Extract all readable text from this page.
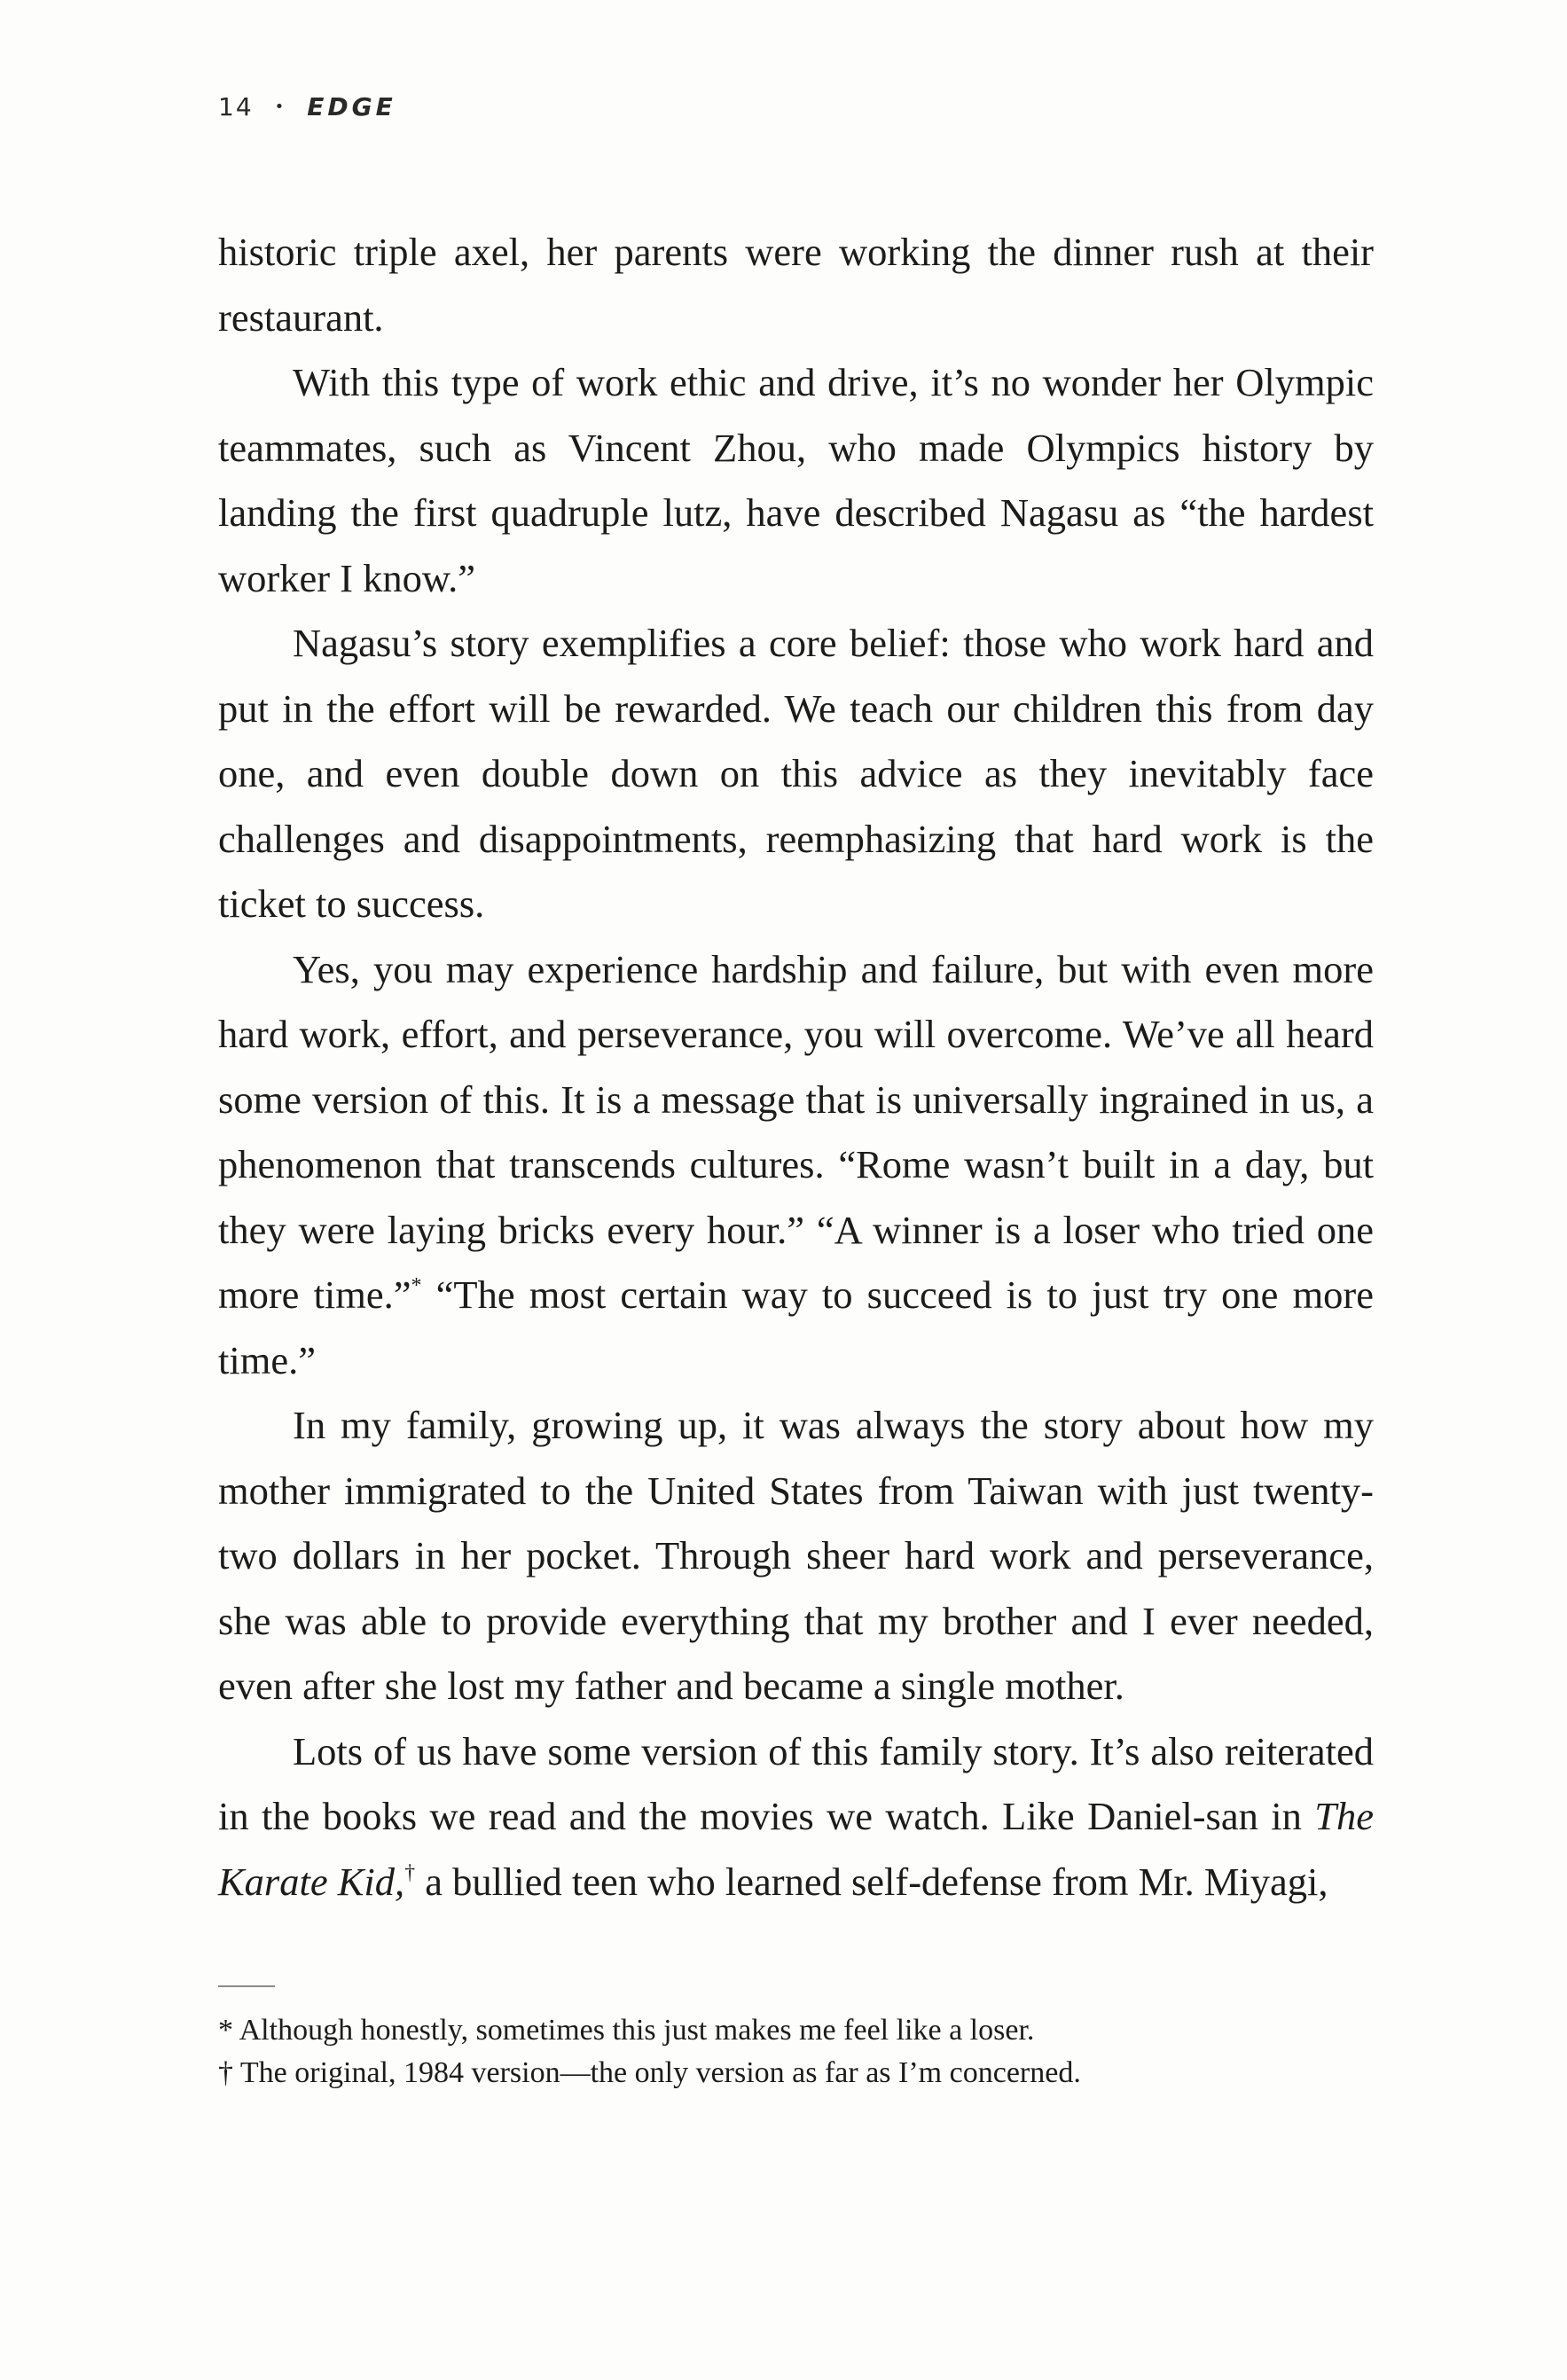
14 • EDGE

historic triple axel, her parents were working the dinner rush at their restaurant.

With this type of work ethic and drive, it’s no wonder her Olympic teammates, such as Vincent Zhou, who made Olympics history by landing the first quadruple lutz, have described Nagasu as “the hardest worker I know.”

Nagasu’s story exemplifies a core belief: those who work hard and put in the effort will be rewarded. We teach our children this from day one, and even double down on this advice as they inevitably face challenges and disappointments, reemphasizing that hard work is the ticket to success.

Yes, you may experience hardship and failure, but with even more hard work, effort, and perseverance, you will overcome. We’ve all heard some version of this. It is a message that is universally ingrained in us, a phenomenon that transcends cultures. “Rome wasn’t built in a day, but they were laying bricks every hour.” “A winner is a loser who tried one more time.”* “The most certain way to succeed is to just try one more time.”

In my family, growing up, it was always the story about how my mother immigrated to the United States from Taiwan with just twenty-two dollars in her pocket. Through sheer hard work and perseverance, she was able to provide everything that my brother and I ever needed, even after she lost my father and became a single mother.

Lots of us have some version of this family story. It’s also reiterated in the books we read and the movies we watch. Like Daniel-san in The Karate Kid,† a bullied teen who learned self-defense from Mr. Miyagi,

* Although honestly, sometimes this just makes me feel like a loser.

† The original, 1984 version—the only version as far as I’m concerned.
